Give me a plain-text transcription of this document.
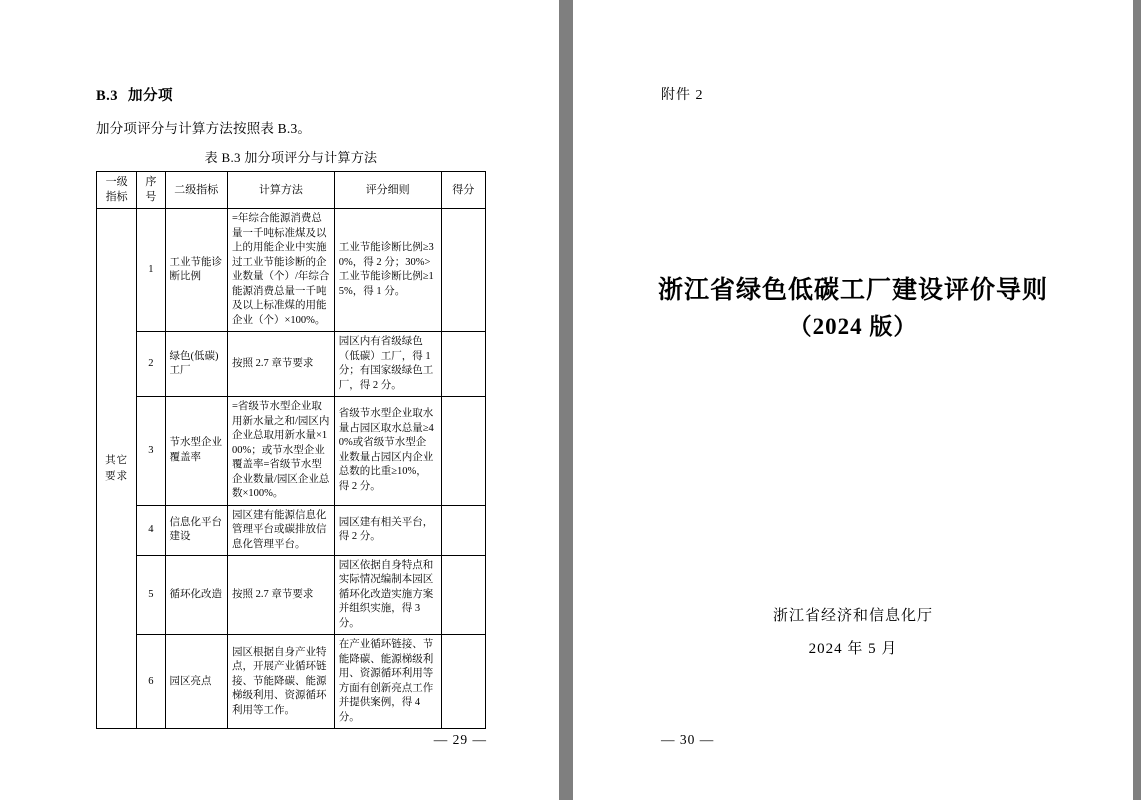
B.3 加分项

加分项评分与计算方法按照表 B.3。

表 B.3 加分项评分与计算方法
一级指标	序号	二级指标	计算方法	评分细则	得分
其它要求	1	工业节能诊断比例	=年综合能源消费总量一千吨标准煤及以上的用能企业中实施过工业节能诊断的企业数量（个）/年综合能源消费总量一千吨及以上标准煤的用能企业（个）×100%。	工业节能诊断比例≥30%，得 2 分；30%>工业节能诊断比例≥15%，得 1 分。	
	2	绿色(低碳)工厂	按照 2.7 章节要求	园区内有省级绿色（低碳）工厂，得 1 分；有国家级绿色工厂，得 2 分。	
	3	节水型企业覆盖率	=省级节水型企业取用新水量之和/园区内企业总取用新水量×100%；或节水型企业覆盖率=省级节水型企业数量/园区企业总数×100%。	省级节水型企业取水量占园区取水总量≥40%或省级节水型企业数量占园区内企业总数的比重≥10%，得 2 分。	
	4	信息化平台建设	园区建有能源信息化管理平台或碳排放信息化管理平台。	园区建有相关平台，得 2 分。	
	5	循环化改造	按照 2.7 章节要求	园区依据自身特点和实际情况编制本园区循环化改造实施方案并组织实施，得 3 分。	
	6	园区亮点	园区根据自身产业特点，开展产业循环链接、节能降碳、能源梯级利用、资源循环利用等工作。	在产业循环链接、节能降碳、能源梯级利用、资源循环利用等方面有创新亮点工作并提供案例，得 4 分。	
— 29 —
附件 2
浙江省绿色低碳工厂建设评价导则
（2024 版）
浙江省经济和信息化厅
2024 年 5 月
— 30 —
